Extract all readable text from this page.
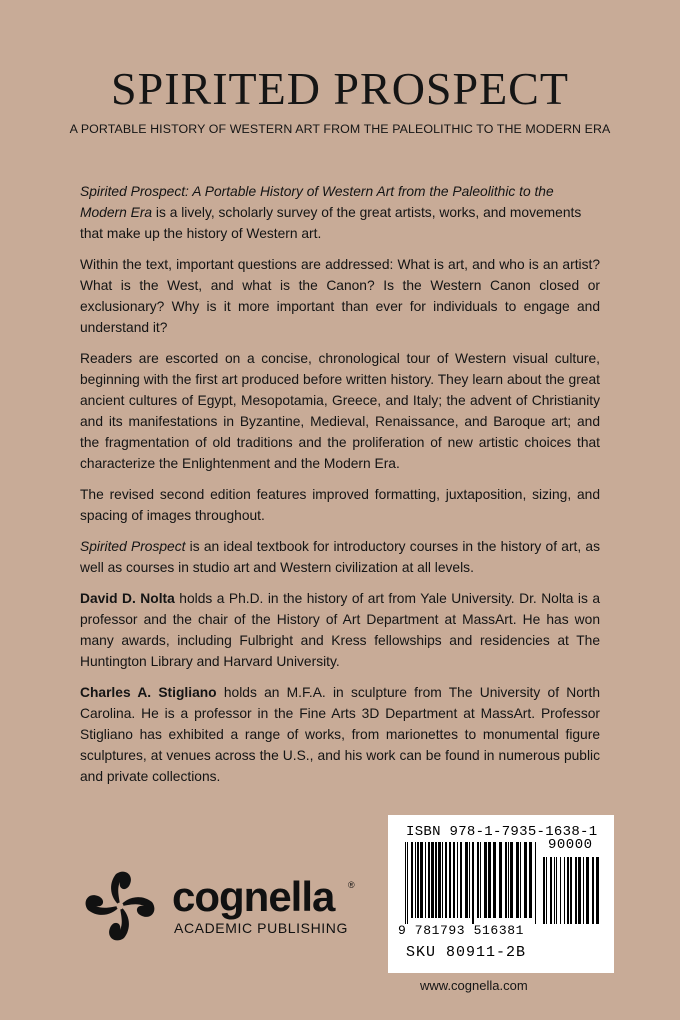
SPIRITED PROSPECT
A PORTABLE HISTORY OF WESTERN ART FROM THE PALEOLITHIC TO THE MODERN ERA

Spirited Prospect: A Portable History of Western Art from the Paleolithic to the Modern Era is a lively, scholarly survey of the great artists, works, and movements that make up the history of Western art.

Within the text, important questions are addressed: What is art, and who is an artist? What is the West, and what is the Canon? Is the Western Canon closed or exclusionary? Why is it more important than ever for individuals to engage and understand it?

Readers are escorted on a concise, chronological tour of Western visual culture, beginning with the first art produced before written history. They learn about the great ancient cultures of Egypt, Mesopotamia, Greece, and Italy; the advent of Christianity and its manifestations in Byzantine, Medieval, Renaissance, and Baroque art; and the fragmentation of old traditions and the proliferation of new artistic choices that characterize the Enlightenment and the Modern Era.

The revised second edition features improved formatting, juxtaposition, sizing, and spacing of images throughout.

Spirited Prospect is an ideal textbook for introductory courses in the history of art, as well as courses in studio art and Western civilization at all levels.

David D. Nolta holds a Ph.D. in the history of art from Yale University. Dr. Nolta is a professor and the chair of the History of Art Department at MassArt. He has won many awards, including Fulbright and Kress fellowships and residencies at The Huntington Library and Harvard University.

Charles A. Stigliano holds an M.F.A. in sculpture from The University of North Carolina. He is a professor in the Fine Arts 3D Department at MassArt. Professor Stigliano has exhibited a range of works, from marionettes to monumental figure sculptures, at venues across the U.S., and his work can be found in numerous public and private collections.

cognella ®
ACADEMIC PUBLISHING
ISBN 978-1-7935-1638-1
90000
9 781793 516381
SKU 80911-2B
www.cognella.com
